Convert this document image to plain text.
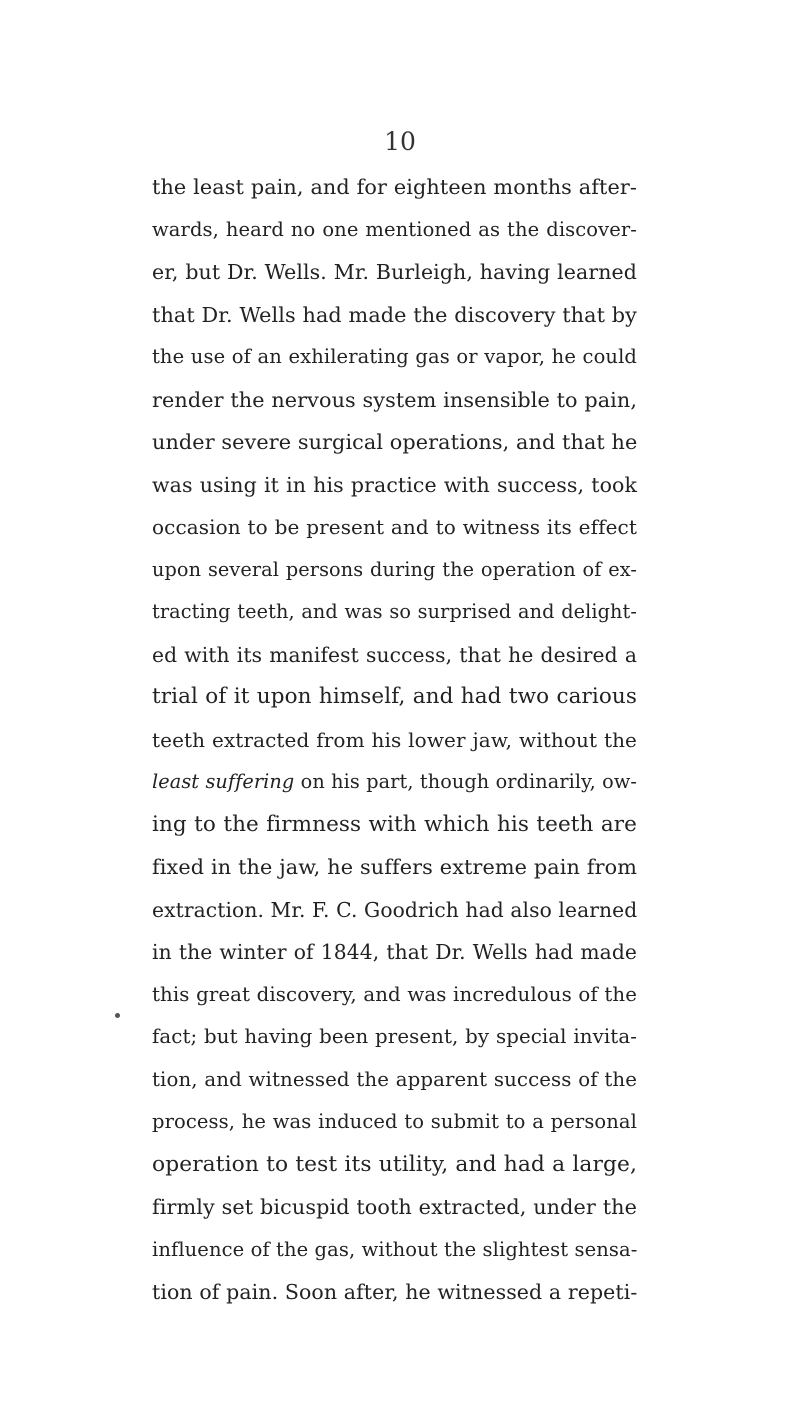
10
the least pain, and for eighteen months after-
wards, heard no one mentioned as the discover-
er, but Dr. Wells. Mr. Burleigh, having learned
that Dr. Wells had made the discovery that by
the use of an exhilerating gas or vapor, he could
render the nervous system insensible to pain,
under severe surgical operations, and that he
was using it in his practice with success, took
occasion to be present and to witness its effect
upon several persons during the operation of ex-
tracting teeth, and was so surprised and delight-
ed with its manifest success, that he desired a
trial of it upon himself, and had two carious
teeth extracted from his lower jaw, without the
least suffering on his part, though ordinarily, ow-
ing to the firmness with which his teeth are
fixed in the jaw, he suffers extreme pain from
extraction. Mr. F. C. Goodrich had also learned
in the winter of 1844, that Dr. Wells had made
this great discovery, and was incredulous of the
fact; but having been present, by special invita-
tion, and witnessed the apparent success of the
process, he was induced to submit to a personal
operation to test its utility, and had a large,
firmly set bicuspid tooth extracted, under the
influence of the gas, without the slightest sensa-
tion of pain. Soon after, he witnessed a repeti-
